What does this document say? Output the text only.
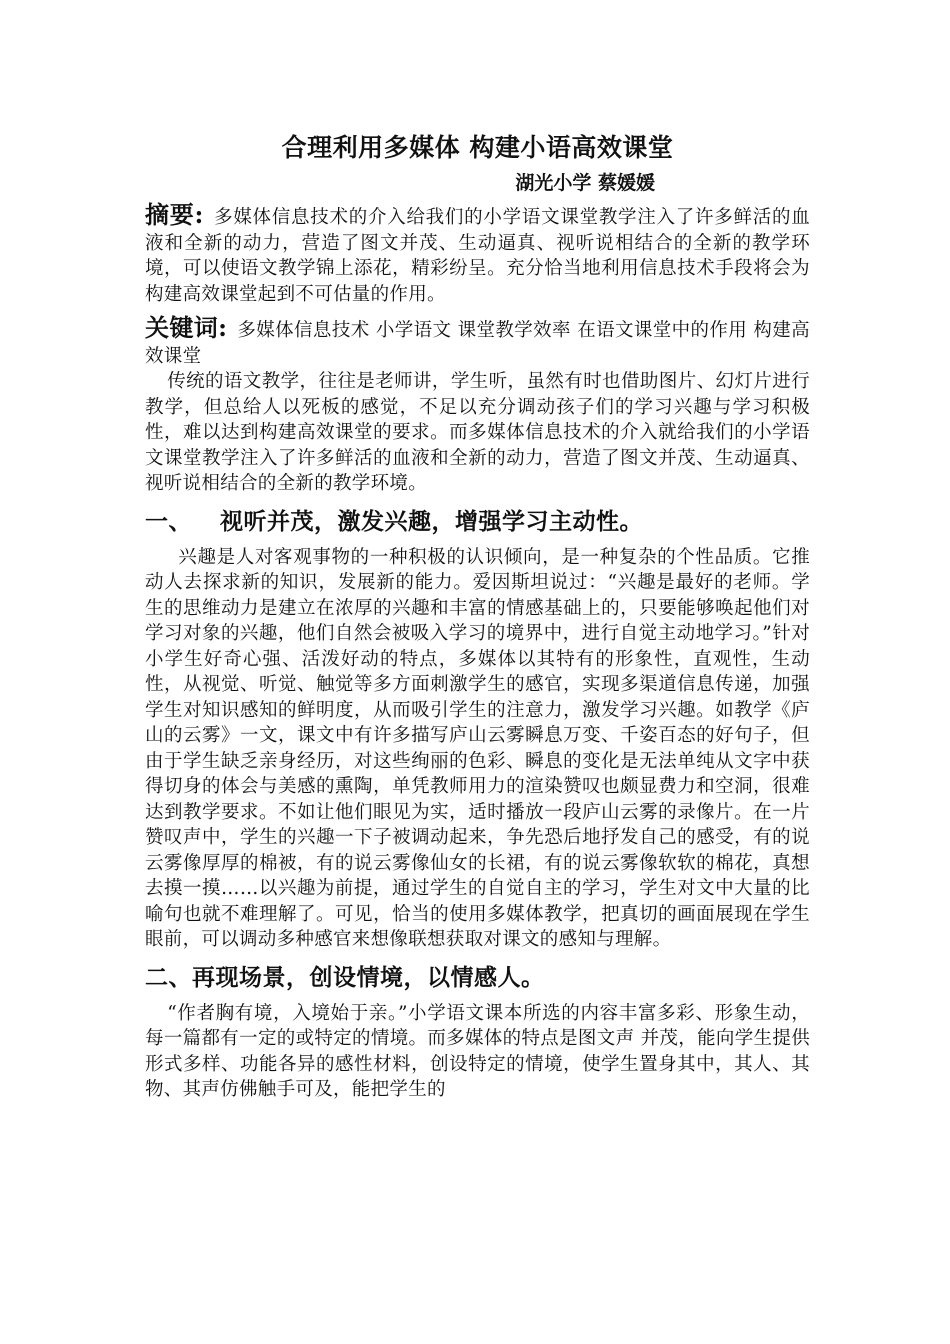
合理利用多媒体 构建小语高效课堂

湖光小学 蔡媛媛

摘要: 多媒体信息技术的介入给我们的小学语文课堂教学注入了许多鲜活的血液和全新的动力，营造了图文并茂、生动逼真、视听说相结合的全新的教学环境，可以使语文教学锦上添花，精彩纷呈。充分恰当地利用信息技术手段将会为构建高效课堂起到不可估量的作用。

关键词: 多媒体信息技术 小学语文 课堂教学效率 在语文课堂中的作用 构建高效课堂

传统的语文教学，往往是老师讲，学生听，虽然有时也借助图片、幻灯片进行教学，但总给人以死板的感觉，不足以充分调动孩子们的学习兴趣与学习积极性，难以达到构建高效课堂的要求。而多媒体信息技术的介入就给我们的小学语文课堂教学注入了许多鲜活的血液和全新的动力，营造了图文并茂、生动逼真、视听说相结合的全新的教学环境。

一、 视听并茂，激发兴趣，增强学习主动性。

兴趣是人对客观事物的一种积极的认识倾向，是一种复杂的个性品质。它推动人去探求新的知识，发展新的能力。爱因斯坦说过：“兴趣是最好的老师。学生的思维动力是建立在浓厚的兴趣和丰富的情感基础上的，只要能够唤起他们对学习对象的兴趣，他们自然会被吸入学习的境界中，进行自觉主动地学习。”针对小学生好奇心强、活泼好动的特点，多媒体以其特有的形象性，直观性，生动性，从视觉、听觉、触觉等多方面刺激学生的感官，实现多渠道信息传递，加强学生对知识感知的鲜明度，从而吸引学生的注意力，激发学习兴趣。如教学《庐山的云雾》一文，课文中有许多描写庐山云雾瞬息万变、千姿百态的好句子，但由于学生缺乏亲身经历，对这些绚丽的色彩、瞬息的变化是无法单纯从文字中获得切身的体会与美感的熏陶，单凭教师用力的渲染赞叹也颇显费力和空洞，很难达到教学要求。不如让他们眼见为实，适时播放一段庐山云雾的录像片。在一片赞叹声中，学生的兴趣一下子被调动起来，争先恐后地抒发自己的感受，有的说云雾像厚厚的棉被，有的说云雾像仙女的长裙，有的说云雾像软软的棉花，真想去摸一摸……以兴趣为前提，通过学生的自觉自主的学习，学生对文中大量的比喻句也就不难理解了。可见，恰当的使用多媒体教学，把真切的画面展现在学生眼前，可以调动多种感官来想像联想获取对课文的感知与理解。

二、再现场景，创设情境，以情感人。

“作者胸有境，入境始于亲。”小学语文课本所选的内容丰富多彩、形象生动，每一篇都有一定的或特定的情境。而多媒体的特点是图文声 并茂，能向学生提供形式多样、功能各异的感性材料，创设特定的情境，使学生置身其中，其人、其物、其声仿佛触手可及，能把学生的
